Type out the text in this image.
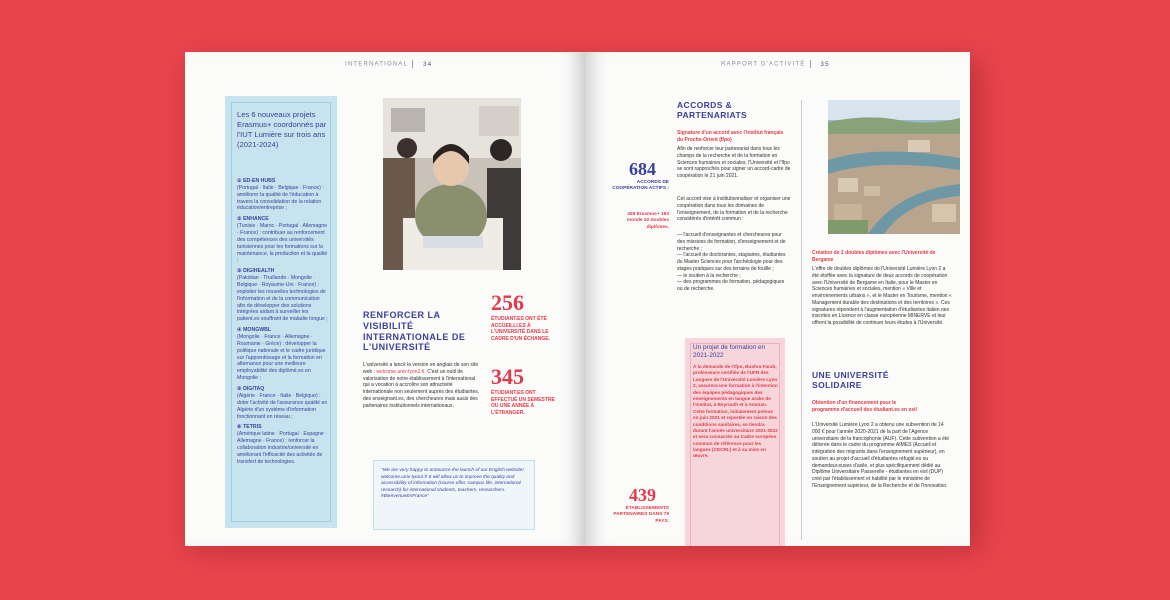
INTERNATIONAL	34
Les 6 nouveaux projets Erasmus+ coordonnés par l'IUT Lumière sur trois ans (2021-2024)

① ED-EN HUBS
(Portugal · Italie · Belgique · France) : améliorer la qualité de l'éducation à travers la consolidation de la relation éducation/entreprise ;

② ENHANCE
(Tunisie · Maroc · Portugal · Allemagne · France) : contribuer au renforcement des compétences des universités tunisiennes pour les formations sur la maintenance, la production et la qualité ;

③ DIGIHEALTH
(Pakistan · Thaïlande · Mongolie · Belgique · Royaume-Uni · France) : exploiter les nouvelles technologies de l'information et de la communication afin de développer des solutions intégrées aidant à surveiller les patient.es souffrant de maladie longue ;

④ MONGWBL
(Mongolie · France · Allemagne · Roumanie · Grèce) : développer la politique nationale et le cadre juridique sur l'apprentissage et la formation en alternance pour une meilleure employabilité des diplômé.es en Mongolie ;

⑤ DIGITAQ
(Algérie · France · Italie · Belgique) : doter l'activité de l'assurance qualité en Algérie d'un système d'information fonctionnant en réseau ;

⑥ TETRIS
(Amérique latine · Portugal · Espagne · Allemagne · France) : renforcer la collaboration industrie/université en améliorant l'efficacité des activités de transfert de technologies.

RENFORCER LA VISIBILITÉ INTERNATIONALE DE L'UNIVERSITÉ
L'université a lancé la version en anglais de son site web : welcome.univ-lyon2.fr. C'est un outil de valorisation de notre établissement à l'international qui a vocation à accroître son attractivité internationale non seulement auprès des étudiantes, des enseignant.es, des chercheures mais aussi des partenaires institutionnels internationaux.
256
ÉTUDIANT.ES ONT ÉTÉ ACCUEILLI.ES À L'UNIVERSITÉ DANS LE CADRE D'UN ÉCHANGE.
345
ÉTUDIANT.ES ONT EFFECTUÉ UN SEMESTRE OU UNE ANNÉE À L'ÉTRANGER.
"We are very happy to announce the launch of our English website! welcome.univ-lyon2.fr It will allow us to improve the quality and accessibility of information (course offer, campus life, international research) for international students, teachers, researchers. #BienvenueEnFrance"
RAPPORT D'ACTIVITÉ	35
ACCORDS & PARTENARIATS
684
ACCORDS DE COOPÉRATION ACTIFS :
459 Erasmus+ 193 monde 32 doubles diplômes.
Signature d'un accord avec l'Institut français du Proche-Orient (Ifpo)
Afin de renforcer leur partenariat dans tous les champs de la recherche et de la formation en Sciences humaines et sociales, l'Université et l'Ifpo se sont rapprochés pour signer un accord-cadre de coopération le 21 juin 2021.
Cet accord vise à institutionnaliser et organiser une coopération dans tous les domaines de l'enseignement, de la formation et de la recherche considérés d'intérêt commun :
— l'accueil d'enseignantes et chercheures pour des missions de formation, d'enseignement et de recherche ;
— l'accueil de doctorantes, stagiaires, étudiantes du Master Sciences pour l'archéologie pour des stages pratiques sur des terrains de fouille ;
— le soutien à la recherche ;
— des programmes de formation, pédagogiques ou de recherche.
Un projet de formation en 2021-2022
À la demande de l'Ifpo, Bushra Farah, professeure certifiée de l'UFR des Langues de l'Université Lumière Lyon 2, assurera une formation à l'intention des équipes pédagogiques des enseignements en langue arabe de l'Institut, à Beyrouth et à Amman. Cette formation, initialement prévue en juin 2021 et reportée en raison des conditions sanitaires, se tiendra durant l'année universitaire 2021-2022 et sera consacrée au Cadre européen commun de référence pour les langues (CECRL) et à sa mise en œuvre.
439
ÉTABLISSEMENTS PARTENAIRES DANS 79 PAYS.
Création de 2 doubles diplômes avec l'Université de Bergame
L'offre de doubles diplômes de l'Université Lumière Lyon 2 a été étoffée avec la signature de deux accords de coopération avec l'Université de Bergame en Italie, pour le Master en Sciences humaines et sociales, mention « Ville et environnements urbains », et le Master en Tourisme, mention « Management durable des destinations et des territoires ». Ces signatures répondent à l'augmentation d'étudiantes italien.nes inscrites en Licence en classe européenne MINERVE et leur offrent la possibilité de continuer leurs études à l'Université.
UNE UNIVERSITÉ SOLIDAIRE
Obtention d'un financement pour le programme d'accueil des étudiant.es en exil
L'Université Lumière Lyon 2 a obtenu une subvention de 14 000 € pour l'année 2020-2021 de la part de l'Agence universitaire de la francophonie (AUF). Cette subvention a été délivrée dans le cadre du programme AIMES (Accueil et intégration des migrants dans l'enseignement supérieur), en soutien au projet d'accueil d'étudiantes réfugié.es ou demandeur.euses d'asile, et plus spécifiquement dédié au Diplôme Universitaire Passerelle - étudiantes en exil (DUP) créé par l'établissement et habilité par le ministère de l'Enseignement supérieur, de la Recherche et de l'Innovation.
